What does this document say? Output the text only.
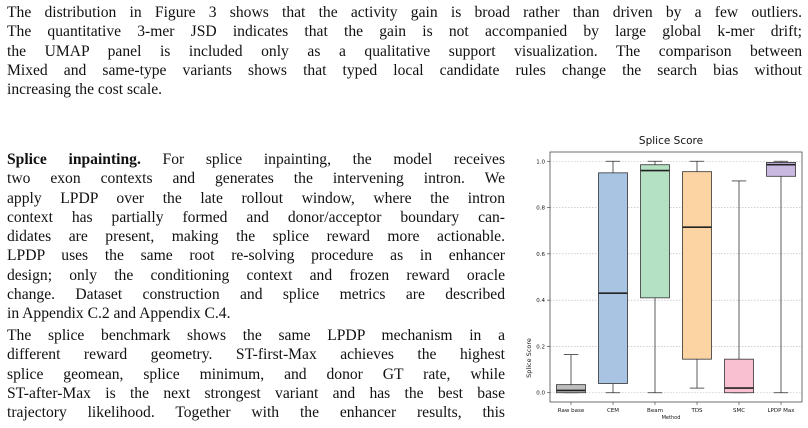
The distribution in Figure 3 shows that the activity gain is broad rather than driven by a few outliers.
The quantitative 3-mer JSD indicates that the gain is not accompanied by large global k-mer drift;
the UMAP panel is included only as a qualitative support visualization. The comparison between
Mixed and same-type variants shows that typed local candidate rules change the search bias without
increasing the cost scale.
Splice inpainting. For splice inpainting, the model receives
two exon contexts and generates the intervening intron. We
apply LPDP over the late rollout window, where the intron
context has partially formed and donor/acceptor boundary can-
didates are present, making the splice reward more actionable.
LPDP uses the same root re-solving procedure as in enhancer
design; only the conditioning context and frozen reward oracle
change. Dataset construction and splice metrics are described
in Appendix C.2 and Appendix C.4.
The splice benchmark shows the same LPDP mechanism in a
different reward geometry. ST-first-Max achieves the highest
splice geomean, splice minimum, and donor GT rate, while
ST-after-Max is the next strongest variant and has the best base
trajectory likelihood. Together with the enhancer results, this
Splice Score
Splice Score
Method
0.0
0.2
0.4
0.6
0.8
1.0
Raw base	CEM	Beam	TDS	SMC	LPDP Max
